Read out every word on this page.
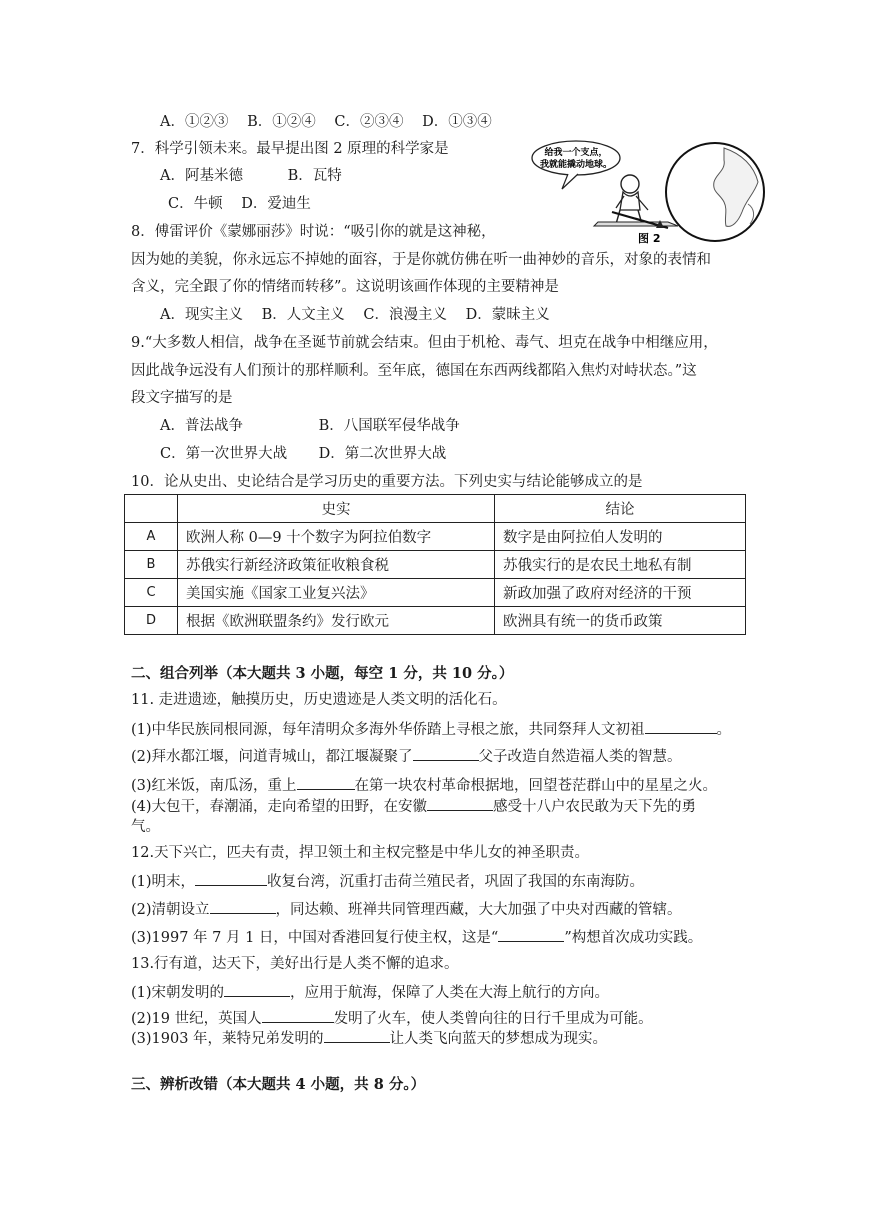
A．①②③ B．①②④ C．②③④ D．①③④
7．科学引领未来。最早提出图 2 原理的科学家是
A．阿基米德	B．瓦特
C．牛顿 D．爱迪生
给我一个支点，
我就能撬动地球。
图 2
8．傅雷评价《蒙娜丽莎》时说：“吸引你的就是这神秘，
因为她的美貌，你永远忘不掉她的面容，于是你就仿佛在听一曲神妙的音乐，对象的表情和
含义，完全跟了你的情绪而转移”。这说明该画作体现的主要精神是
A．现实主义 B．人文主义 C．浪漫主义 D．蒙昧主义
9.“大多数人相信，战争在圣诞节前就会结束。但由于机枪、毒气、坦克在战争中相继应用，
因此战争远没有人们预计的那样顺利。至年底，德国在东西两线都陷入焦灼对峙状态。”这
段文字描写的是
A．普法战争	B．八国联军侵华战争
C．第一次世界大战 D．第二次世界大战
10．论从史出、史论结合是学习历史的重要方法。下列史实与结论能够成立的是
	史实	结论
A	欧洲人称 0—9 十个数字为阿拉伯数字	数字是由阿拉伯人发明的
B	苏俄实行新经济政策征收粮食税	苏俄实行的是农民土地私有制
C	美国实施《国家工业复兴法》	新政加强了政府对经济的干预
D	根据《欧洲联盟条约》发行欧元	欧洲具有统一的货币政策
二、组合列举（本大题共 3 小题，每空 1 分，共 10 分。）
11. 走进遗迹，触摸历史，历史遗迹是人类文明的活化石。
(1)中华民族同根同源，每年清明众多海外华侨踏上寻根之旅，共同祭拜人文初祖	。
(2)拜水都江堰，问道青城山，都江堰凝聚了	父子改造自然造福人类的智慧。
(3)红米饭，南瓜汤，重上	在第一块农村革命根据地，回望苍茫群山中的星星之火。
(4)大包干，春潮涌，走向希望的田野，在安徽	感受十八户农民敢为天下先的勇
气。
12.天下兴亡，匹夫有责，捍卫领土和主权完整是中华儿女的神圣职责。
(1)明末，	收复台湾，沉重打击荷兰殖民者，巩固了我国的东南海防。
(2)清朝设立	，同达赖、班禅共同管理西藏，大大加强了中央对西藏的管辖。
(3)1997 年 7 月 1 日，中国对香港回复行使主权，这是“	”构想首次成功实践。
13.行有道，达天下，美好出行是人类不懈的追求。
(1)宋朝发明的	，应用于航海，保障了人类在大海上航行的方向。
(2)19 世纪，英国人	发明了火车，使人类曾向往的日行千里成为可能。
(3)1903 年，莱特兄弟发明的	让人类飞向蓝天的梦想成为现实。
三、辨析改错（本大题共 4 小题，共 8 分。）
